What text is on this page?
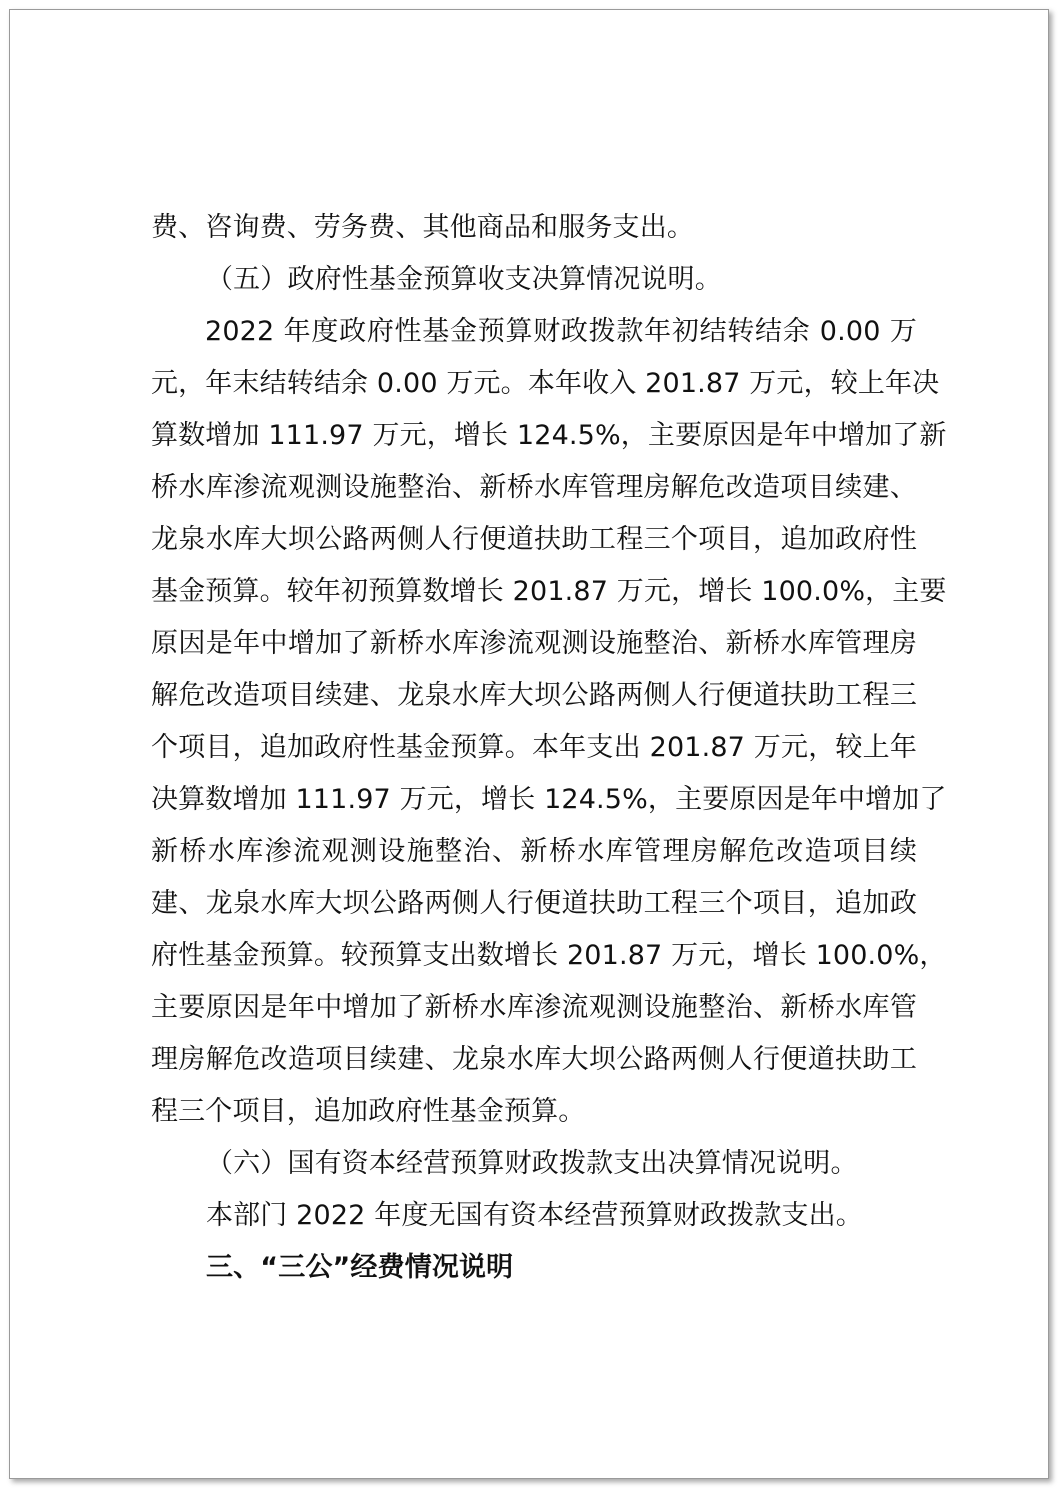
费、咨询费、劳务费、其他商品和服务支出。
（五）政府性基金预算收支决算情况说明。
2022 年度政府性基金预算财政拨款年初结转结余 0.00 万
元，年末结转结余 0.00 万元。本年收入 201.87 万元，较上年决
算数增加 111.97 万元，增长 124.5%，主要原因是年中增加了新
桥水库渗流观测设施整治、新桥水库管理房解危改造项目续建、
龙泉水库大坝公路两侧人行便道扶助工程三个项目，追加政府性
基金预算。较年初预算数增长 201.87 万元，增长 100.0%，主要
原因是年中增加了新桥水库渗流观测设施整治、新桥水库管理房
解危改造项目续建、龙泉水库大坝公路两侧人行便道扶助工程三
个项目，追加政府性基金预算。本年支出 201.87 万元，较上年
决算数增加 111.97 万元，增长 124.5%，主要原因是年中增加了
新桥水库渗流观测设施整治、新桥水库管理房解危改造项目续
建、龙泉水库大坝公路两侧人行便道扶助工程三个项目，追加政
府性基金预算。较预算支出数增长 201.87 万元，增长 100.0%，
主要原因是年中增加了新桥水库渗流观测设施整治、新桥水库管
理房解危改造项目续建、龙泉水库大坝公路两侧人行便道扶助工
程三个项目，追加政府性基金预算。
（六）国有资本经营预算财政拨款支出决算情况说明。
本部门 2022 年度无国有资本经营预算财政拨款支出。
三、“三公”经费情况说明
